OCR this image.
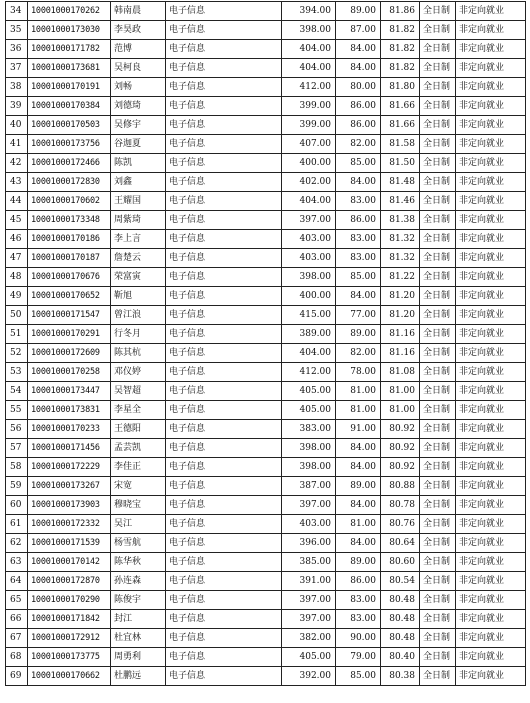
34	10001000170262	韩南晨	电子信息	394.00	89.00	81.86	全日制	非定向就业
35	10001000173030	李昊政	电子信息	398.00	87.00	81.82	全日制	非定向就业
36	10001000171782	范博	电子信息	404.00	84.00	81.82	全日制	非定向就业
37	10001000173681	吴柯良	电子信息	404.00	84.00	81.82	全日制	非定向就业
38	10001000170191	刘畅	电子信息	412.00	80.00	81.80	全日制	非定向就业
39	10001000170384	刘德琦	电子信息	399.00	86.00	81.66	全日制	非定向就业
40	10001000170503	吴修宇	电子信息	399.00	86.00	81.66	全日制	非定向就业
41	10001000173756	谷迦夏	电子信息	407.00	82.00	81.58	全日制	非定向就业
42	10001000172466	陈凯	电子信息	400.00	85.00	81.50	全日制	非定向就业
43	10001000172830	刘鑫	电子信息	402.00	84.00	81.48	全日制	非定向就业
44	10001000170602	王耀国	电子信息	404.00	83.00	81.46	全日制	非定向就业
45	10001000173348	周紫琦	电子信息	397.00	86.00	81.38	全日制	非定向就业
46	10001000170186	李上言	电子信息	403.00	83.00	81.32	全日制	非定向就业
47	10001000170187	詹楚云	电子信息	403.00	83.00	81.32	全日制	非定向就业
48	10001000170676	荣富寅	电子信息	398.00	85.00	81.22	全日制	非定向就业
49	10001000170652	靳旭	电子信息	400.00	84.00	81.20	全日制	非定向就业
50	10001000171547	曾江浪	电子信息	415.00	77.00	81.20	全日制	非定向就业
51	10001000170291	行冬月	电子信息	389.00	89.00	81.16	全日制	非定向就业
52	10001000172609	陈其杭	电子信息	404.00	82.00	81.16	全日制	非定向就业
53	10001000170258	邓仪婷	电子信息	412.00	78.00	81.08	全日制	非定向就业
54	10001000173447	吴智超	电子信息	405.00	81.00	81.00	全日制	非定向就业
55	10001000173831	李星全	电子信息	405.00	81.00	81.00	全日制	非定向就业
56	10001000170233	王德阳	电子信息	383.00	91.00	80.92	全日制	非定向就业
57	10001000171456	孟芸凯	电子信息	398.00	84.00	80.92	全日制	非定向就业
58	10001000172229	李佳正	电子信息	398.00	84.00	80.92	全日制	非定向就业
59	10001000173267	宋宽	电子信息	387.00	89.00	80.88	全日制	非定向就业
60	10001000173903	穆晓宝	电子信息	397.00	84.00	80.78	全日制	非定向就业
61	10001000172332	吴江	电子信息	403.00	81.00	80.76	全日制	非定向就业
62	10001000171539	杨雪航	电子信息	396.00	84.00	80.64	全日制	非定向就业
63	10001000170142	陈华秋	电子信息	385.00	89.00	80.60	全日制	非定向就业
64	10001000172870	孙连森	电子信息	391.00	86.00	80.54	全日制	非定向就业
65	10001000170290	陈俊宇	电子信息	397.00	83.00	80.48	全日制	非定向就业
66	10001000171842	封江	电子信息	397.00	83.00	80.48	全日制	非定向就业
67	10001000172912	杜宜林	电子信息	382.00	90.00	80.48	全日制	非定向就业
68	10001000173775	周勇利	电子信息	405.00	79.00	80.40	全日制	非定向就业
69	10001000170662	杜鹏远	电子信息	392.00	85.00	80.38	全日制	非定向就业
